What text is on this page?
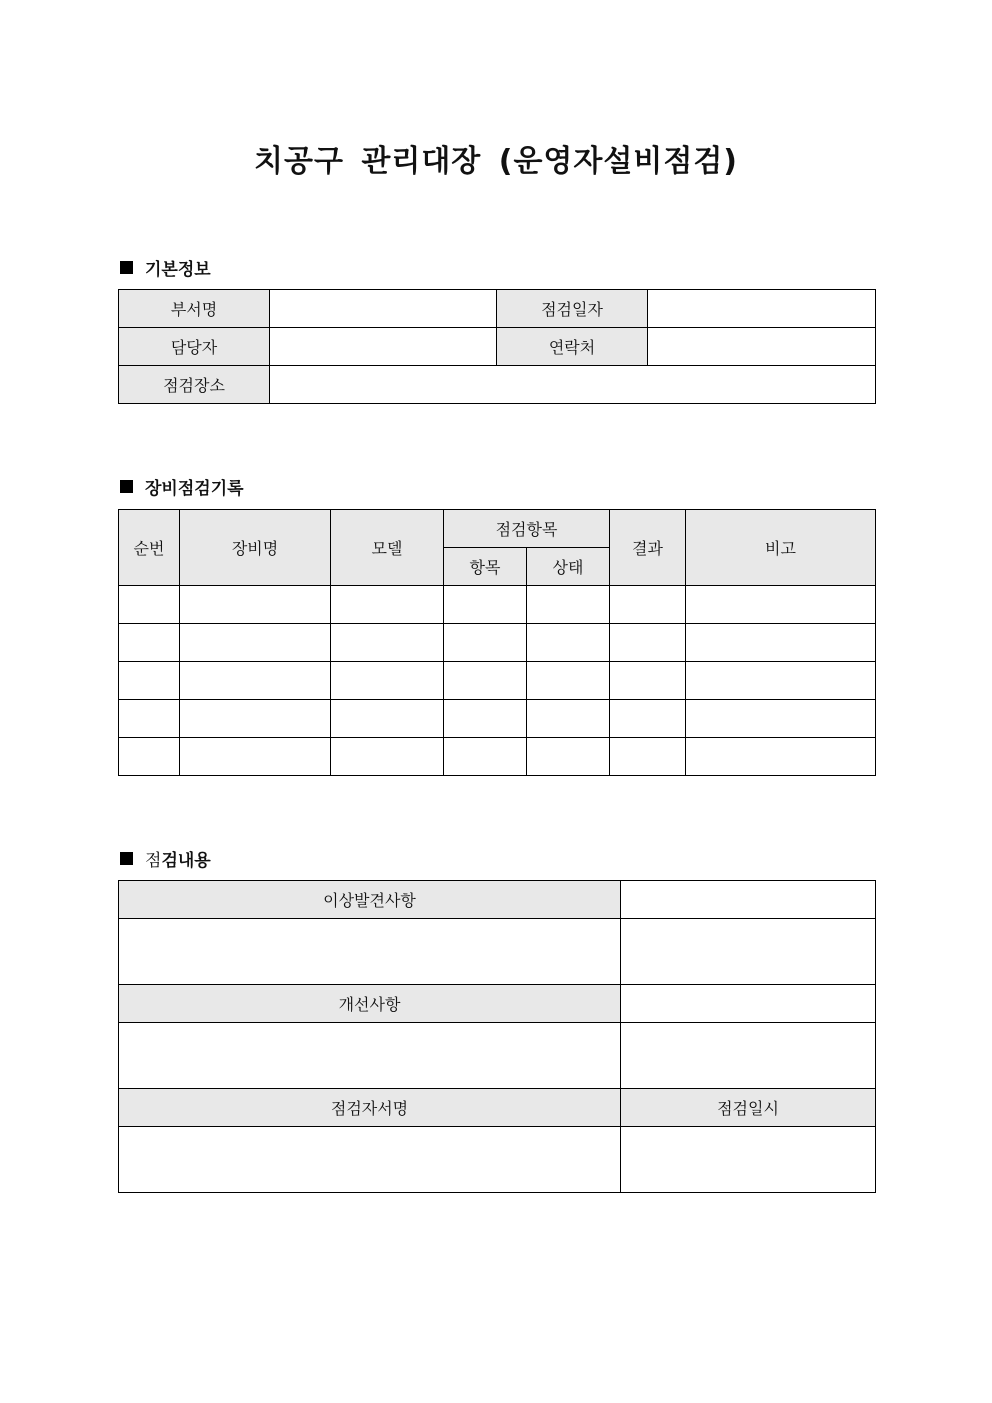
치공구 관리대장 (운영자설비점검)
기본정보
부서명		점검일자	
담당자		연락처	
점검장소			
장비점검기록
순번	장비명	모델	점검항목		결과	비고
			항목	상태		

점 검내용
이상발견사항	

개선사항	

점검자서명	점검일시
